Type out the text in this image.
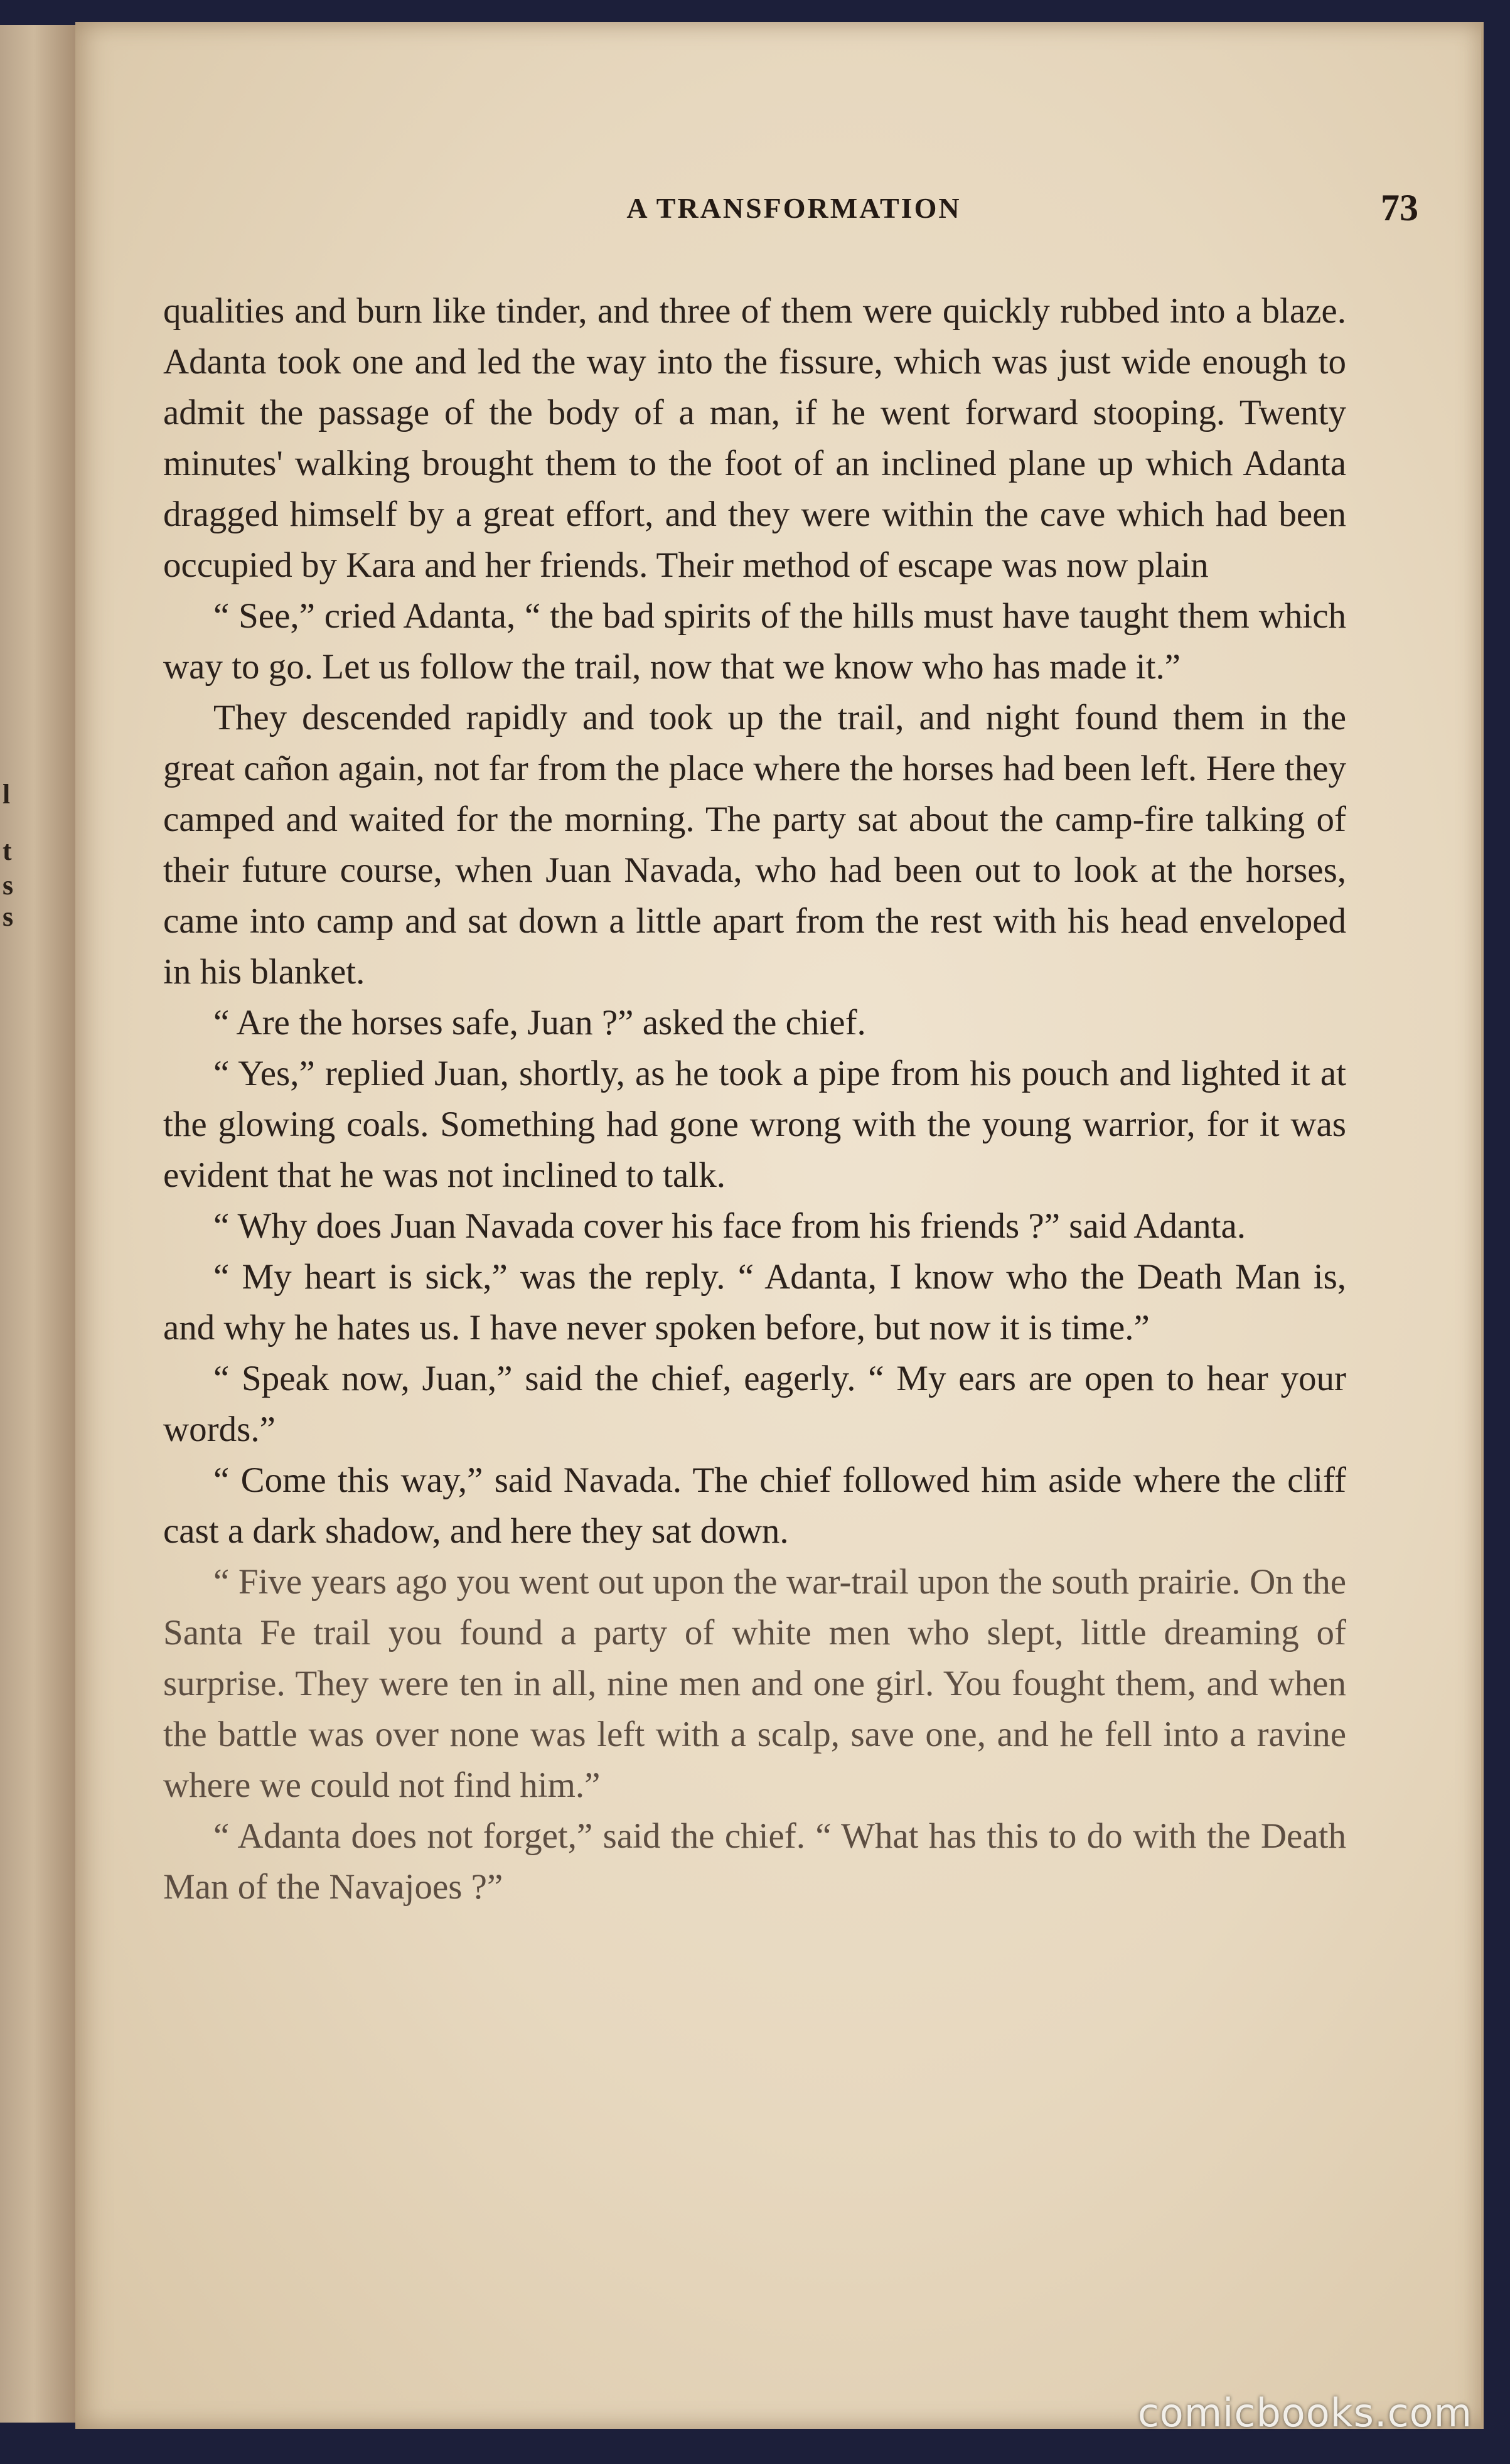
l
t
s
s
A TRANSFORMATION	73

qualities and burn like tinder, and three of them were quickly rubbed into a blaze. Adanta took one and led the way into the fissure, which was just wide enough to admit the passage of the body of a man, if he went forward stooping. Twenty minutes' walking brought them to the foot of an inclined plane up which Adanta dragged himself by a great effort, and they were within the cave which had been occupied by Kara and her friends. Their method of escape was now plain

“ See,” cried Adanta, “ the bad spirits of the hills must have taught them which way to go. Let us follow the trail, now that we know who has made it.”

They descended rapidly and took up the trail, and night found them in the great cañon again, not far from the place where the horses had been left. Here they camped and waited for the morning. The party sat about the camp-fire talking of their future course, when Juan Navada, who had been out to look at the horses, came into camp and sat down a little apart from the rest with his head enveloped in his blanket.

“ Are the horses safe, Juan ?” asked the chief.

“ Yes,” replied Juan, shortly, as he took a pipe from his pouch and lighted it at the glowing coals. Something had gone wrong with the young warrior, for it was evident that he was not inclined to talk.

“ Why does Juan Navada cover his face from his friends ?” said Adanta.

“ My heart is sick,” was the reply. “ Adanta, I know who the Death Man is, and why he hates us. I have never spoken before, but now it is time.”

“ Speak now, Juan,” said the chief, eagerly. “ My ears are open to hear your words.”

“ Come this way,” said Navada. The chief followed him aside where the cliff cast a dark shadow, and here they sat down.

“ Five years ago you went out upon the war-trail upon the south prairie. On the Santa Fe trail you found a party of white men who slept, little dreaming of surprise. They were ten in all, nine men and one girl. You fought them, and when the battle was over none was left with a scalp, save one, and he fell into a ravine where we could not find him.”

“ Adanta does not forget,” said the chief. “ What has this to do with the Death Man of the Navajoes ?”

comicbooks.com
